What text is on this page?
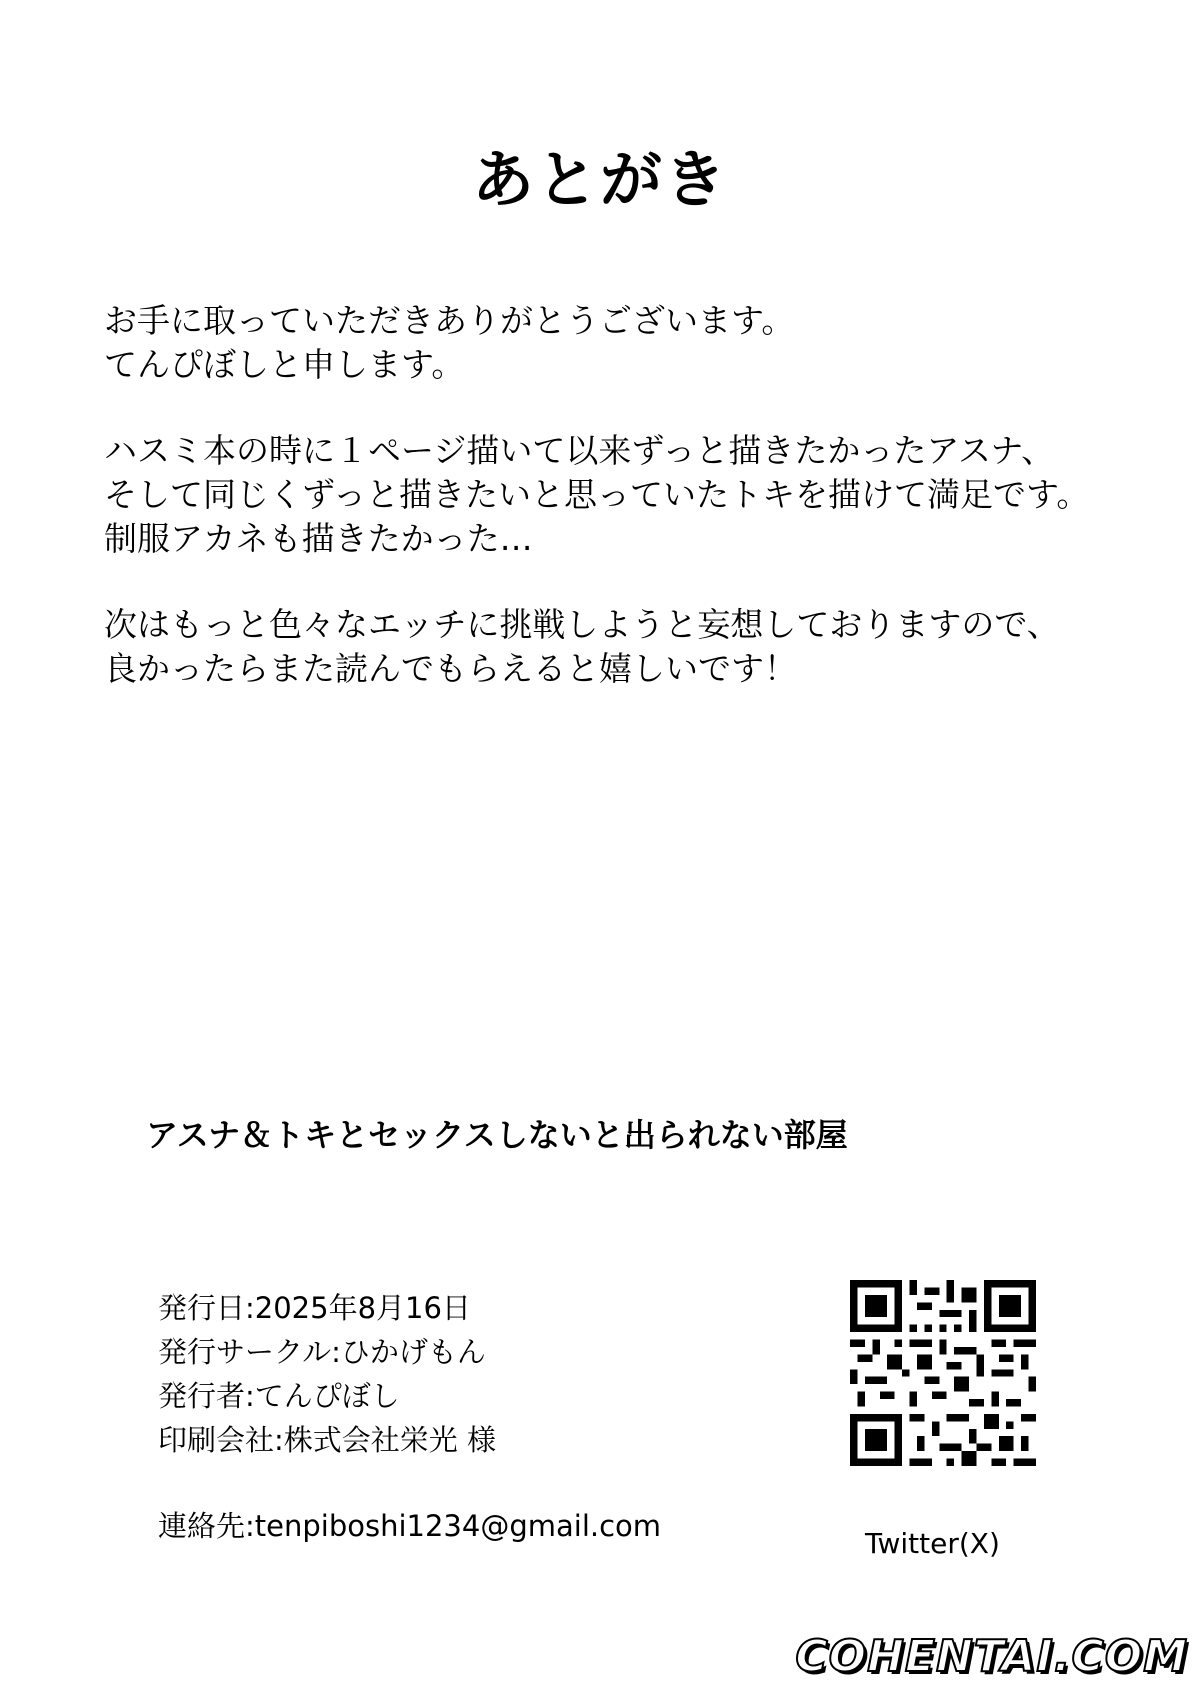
あとがき
お手に取っていただきありがとうございます。
てんぴぼしと申します。
ハスミ本の時に１ページ描いて以来ずっと描きたかったアスナ、
そして同じくずっと描きたいと思っていたトキを描けて満足です。
制服アカネも描きたかった…
次はもっと色々なエッチに挑戦しようと妄想しておりますので、
良かったらまた読んでもらえると嬉しいです！
アスナ＆トキとセックスしないと出られない部屋
発行日:2025年8月16日
発行サークル:ひかげもん
発行者:てんぴぼし
印刷会社:株式会社栄光 様
連絡先:tenpiboshi1234@gmail.com
Twitter(X)
COHENTAI.COM
